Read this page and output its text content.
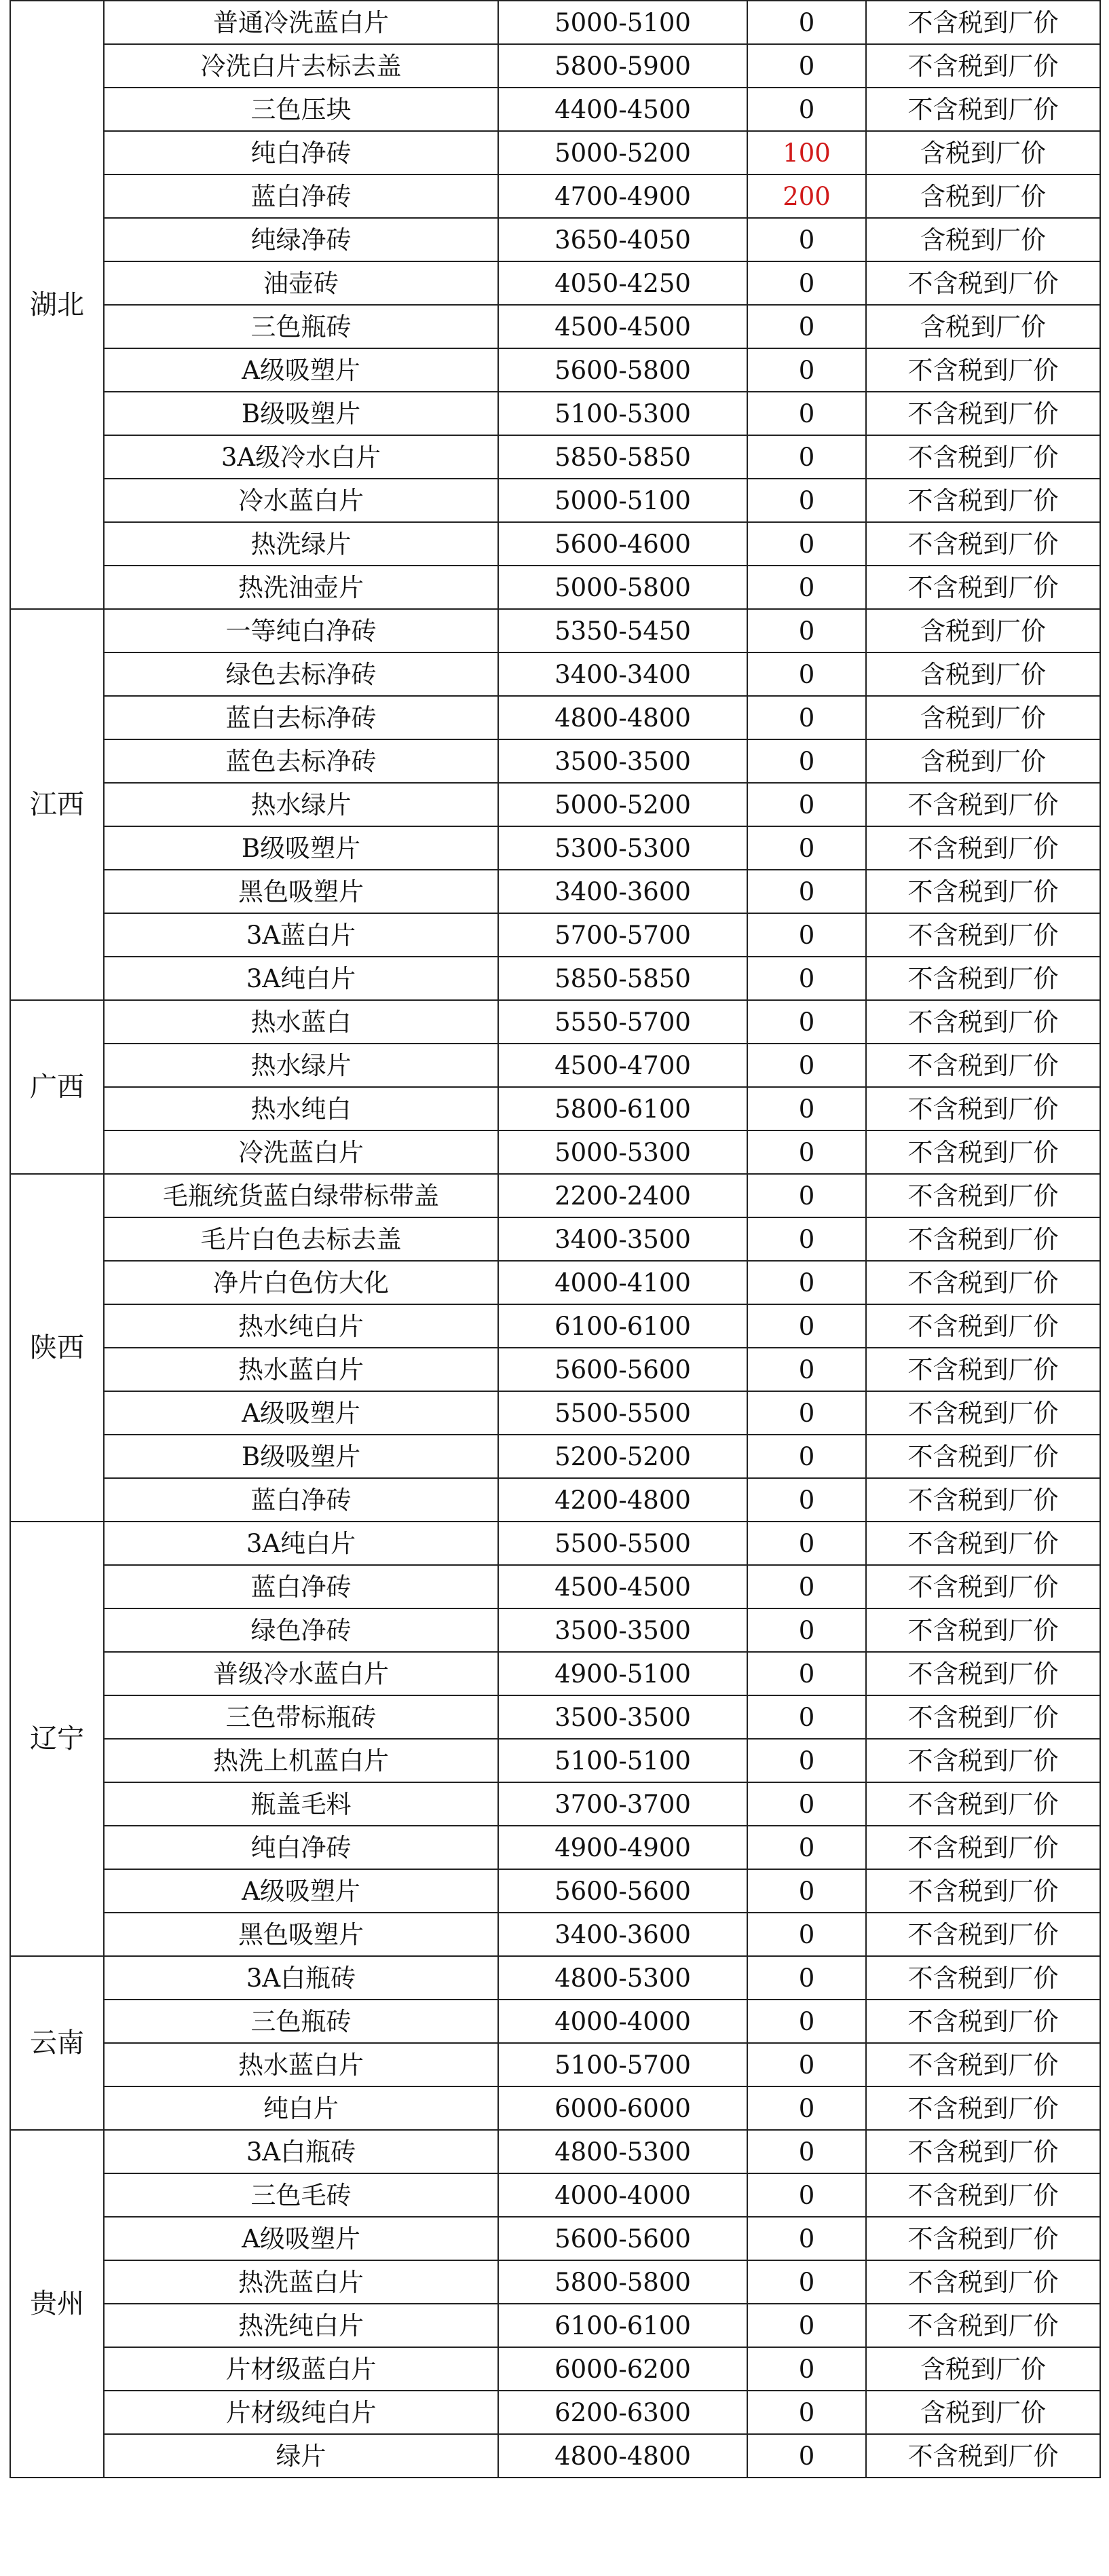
湖北	普通冷洗蓝白片	5000-5100	0	不含税到厂价
	冷洗白片去标去盖	5800-5900	0	不含税到厂价
	三色压块	4400-4500	0	不含税到厂价
	纯白净砖	5000-5200	100	含税到厂价
	蓝白净砖	4700-4900	200	含税到厂价
	纯绿净砖	3650-4050	0	含税到厂价
	油壶砖	4050-4250	0	不含税到厂价
	三色瓶砖	4500-4500	0	含税到厂价
	A级吸塑片	5600-5800	0	不含税到厂价
	B级吸塑片	5100-5300	0	不含税到厂价
	3A级冷水白片	5850-5850	0	不含税到厂价
	冷水蓝白片	5000-5100	0	不含税到厂价
	热洗绿片	5600-4600	0	不含税到厂价
	热洗油壶片	5000-5800	0	不含税到厂价
江西	一等纯白净砖	5350-5450	0	含税到厂价
	绿色去标净砖	3400-3400	0	含税到厂价
	蓝白去标净砖	4800-4800	0	含税到厂价
	蓝色去标净砖	3500-3500	0	含税到厂价
	热水绿片	5000-5200	0	不含税到厂价
	B级吸塑片	5300-5300	0	不含税到厂价
	黑色吸塑片	3400-3600	0	不含税到厂价
	3A蓝白片	5700-5700	0	不含税到厂价
	3A纯白片	5850-5850	0	不含税到厂价
广西	热水蓝白	5550-5700	0	不含税到厂价
	热水绿片	4500-4700	0	不含税到厂价
	热水纯白	5800-6100	0	不含税到厂价
	冷洗蓝白片	5000-5300	0	不含税到厂价
陕西	毛瓶统货蓝白绿带标带盖	2200-2400	0	不含税到厂价
	毛片白色去标去盖	3400-3500	0	不含税到厂价
	净片白色仿大化	4000-4100	0	不含税到厂价
	热水纯白片	6100-6100	0	不含税到厂价
	热水蓝白片	5600-5600	0	不含税到厂价
	A级吸塑片	5500-5500	0	不含税到厂价
	B级吸塑片	5200-5200	0	不含税到厂价
	蓝白净砖	4200-4800	0	不含税到厂价
辽宁	3A纯白片	5500-5500	0	不含税到厂价
	蓝白净砖	4500-4500	0	不含税到厂价
	绿色净砖	3500-3500	0	不含税到厂价
	普级冷水蓝白片	4900-5100	0	不含税到厂价
	三色带标瓶砖	3500-3500	0	不含税到厂价
	热洗上机蓝白片	5100-5100	0	不含税到厂价
	瓶盖毛料	3700-3700	0	不含税到厂价
	纯白净砖	4900-4900	0	不含税到厂价
	A级吸塑片	5600-5600	0	不含税到厂价
	黑色吸塑片	3400-3600	0	不含税到厂价
云南	3A白瓶砖	4800-5300	0	不含税到厂价
	三色瓶砖	4000-4000	0	不含税到厂价
	热水蓝白片	5100-5700	0	不含税到厂价
	纯白片	6000-6000	0	不含税到厂价
贵州	3A白瓶砖	4800-5300	0	不含税到厂价
	三色毛砖	4000-4000	0	不含税到厂价
	A级吸塑片	5600-5600	0	不含税到厂价
	热洗蓝白片	5800-5800	0	不含税到厂价
	热洗纯白片	6100-6100	0	不含税到厂价
	片材级蓝白片	6000-6200	0	含税到厂价
	片材级纯白片	6200-6300	0	含税到厂价
	绿片	4800-4800	0	不含税到厂价
